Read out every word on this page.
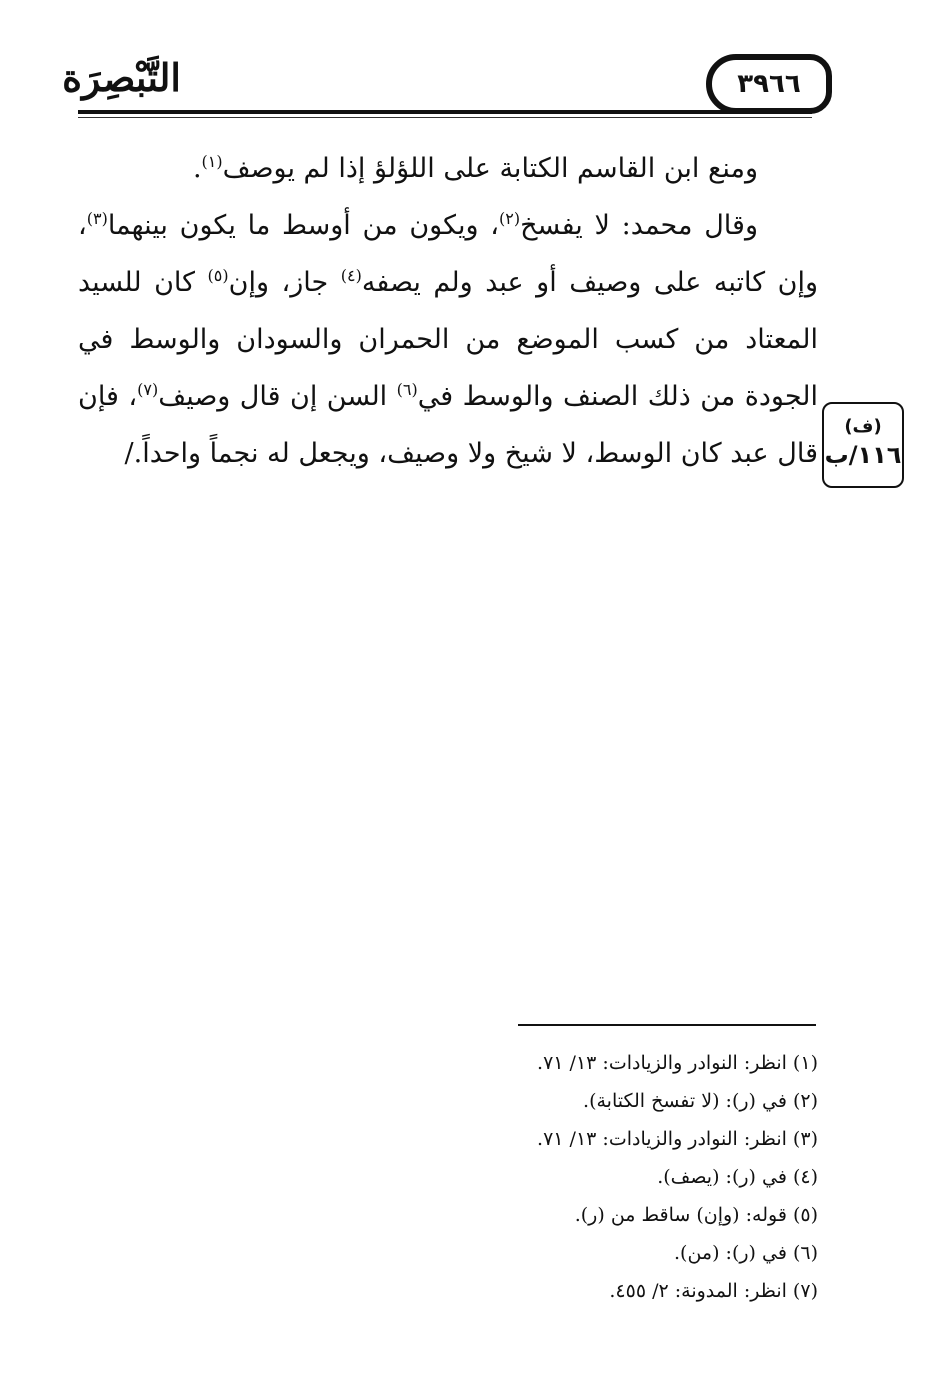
التَّبْصِرَة	٣٩٦٦

ومنع ابن القاسم الكتابة على اللؤلؤ إذا لم يوصف$^{(١)}$.

وقال محمد: لا يفسخ$^{(٢)}$، ويكون من أوسط ما يكون بينهما$^{(٣)}$، وإن كاتبه على وصيف أو عبد ولم يصفه$^{(٤)}$ جاز، وإن$^{(٥)}$ كان للسيد المعتاد من كسب الموضع من الحمران والسودان والوسط في الجودة من ذلك الصنف والوسط في$^{(٦)}$ السن إن قال وصيف$^{(٧)}$، فإن قال عبد كان الوسط، لا شيخ ولا وصيف، ويجعل له نجماً واحداً./

(ف)
١١٦/ب
(١) انظر: النوادر والزيادات: ١٣/ ٧١.
(٢) في (ر): (لا تفسخ الكتابة).
(٣) انظر: النوادر والزيادات: ١٣/ ٧١.
(٤) في (ر): (يصف).
(٥) قوله: (وإن) ساقط من (ر).
(٦) في (ر): (من).
(٧) انظر: المدونة: ٢/ ٤٥٥.
